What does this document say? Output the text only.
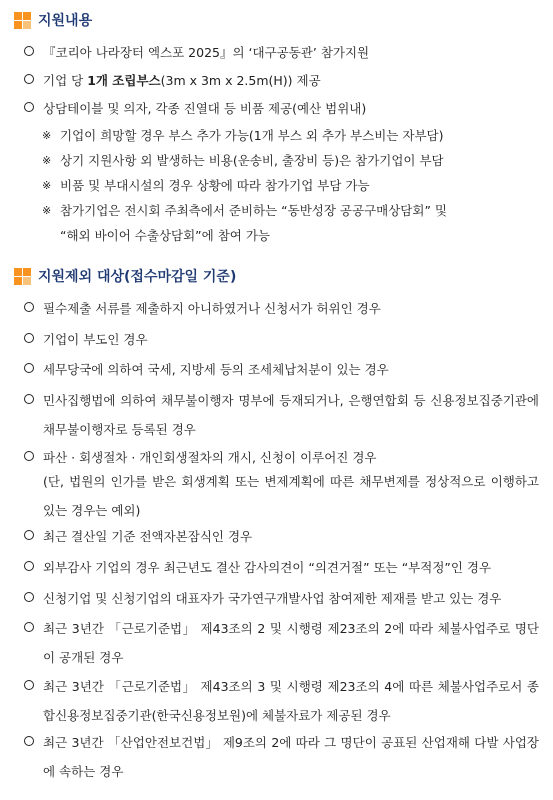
지원내용
『코리아 나라장터 엑스포 2025』의 ‘대구공동관’ 참가지원
기업 당 1개 조립부스(3m x 3m x 2.5m(H)) 제공
상담테이블 및 의자, 각종 진열대 등 비품 제공(예산 범위내)
※ 기업이 희망할 경우 부스 추가 가능(1개 부스 외 추가 부스비는 자부담)
※ 상기 지원사항 외 발생하는 비용(운송비, 출장비 등)은 참가기업이 부담
※ 비품 및 부대시설의 경우 상황에 따라 참가기업 부담 가능
※ 참가기업은 전시회 주최측에서 준비하는 “동반성장 공공구매상담회” 및
“해외 바이어 수출상담회”에 참여 가능
지원제외 대상(접수마감일 기준)
필수제출 서류를 제출하지 아니하였거나 신청서가 허위인 경우
기업이 부도인 경우
세무당국에 의하여 국세, 지방세 등의 조세체납처분이 있는 경우
민사집행법에 의하여 채무불이행자 명부에 등재되거나, 은행연합회 등 신용정보집중기관에 채무불이행자로 등록된 경우
파산 · 회생절차 · 개인회생절차의 개시, 신청이 이루어진 경우
(단, 법원의 인가를 받은 회생계획 또는 변제계획에 따른 채무변제를 정상적으로 이행하고 있는 경우는 예외)
최근 결산일 기준 전액자본잠식인 경우
외부감사 기업의 경우 최근년도 결산 감사의견이 “의견거절” 또는 “부적정”인 경우
신청기업 및 신청기업의 대표자가 국가연구개발사업 참여제한 제재를 받고 있는 경우
최근 3년간 「근로기준법」 제43조의 2 및 시행령 제23조의 2에 따라 체불사업주로 명단이 공개된 경우
최근 3년간 「근로기준법」 제43조의 3 및 시행령 제23조의 4에 따른 체불사업주로서 종합신용정보집중기관(한국신용정보원)에 체불자료가 제공된 경우
최근 3년간 「산업안전보건법」 제9조의 2에 따라 그 명단이 공표된 산업재해 다발 사업장에 속하는 경우
